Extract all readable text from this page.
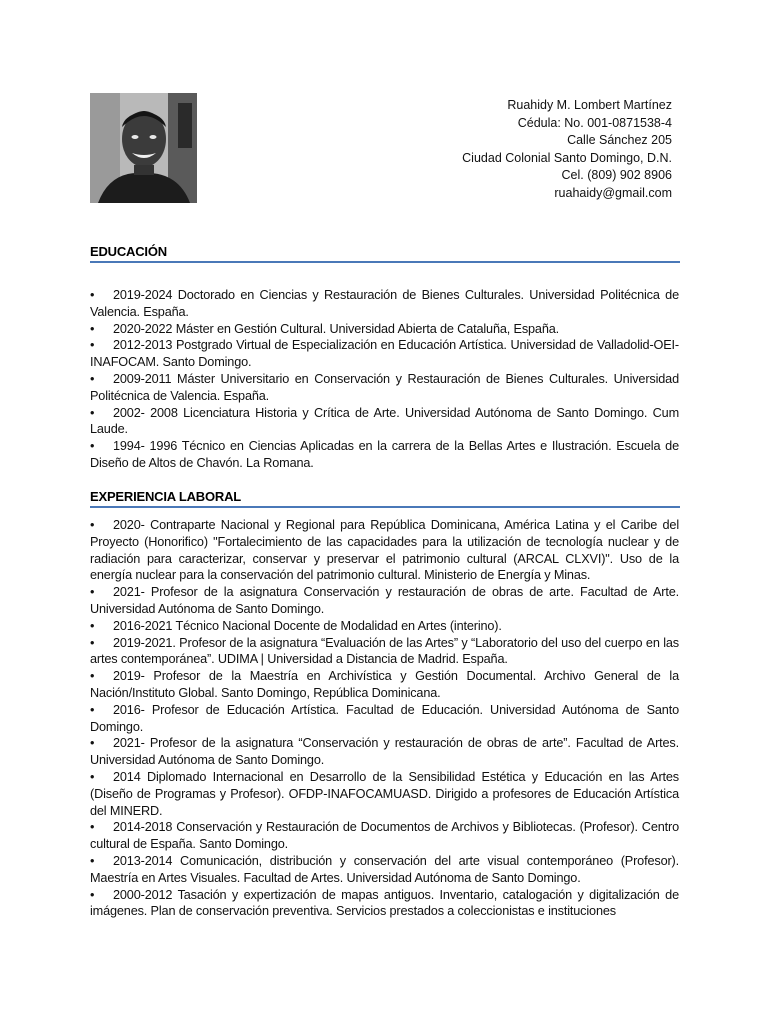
Ruahidy M. Lombert Martínez
Cédula: No. 001-0871538-4
Calle Sánchez 205
Ciudad Colonial Santo Domingo, D.N.
Cel. (809) 902 8906
ruahaidy@gmail.com
EDUCACIÓN

• 2019-2024 Doctorado en Ciencias y Restauración de Bienes Culturales. Universidad Politécnica de Valencia. España.

• 2020-2022 Máster en Gestión Cultural. Universidad Abierta de Cataluña, España.

• 2012-2013 Postgrado Virtual de Especialización en Educación Artística. Universidad de Valladolid-OEI-INAFOCAM. Santo Domingo.

• 2009-2011 Máster Universitario en Conservación y Restauración de Bienes Culturales. Universidad Politécnica de Valencia. España.

• 2002- 2008 Licenciatura Historia y Crítica de Arte. Universidad Autónoma de Santo Domingo. Cum Laude.

• 1994- 1996 Técnico en Ciencias Aplicadas en la carrera de la Bellas Artes e Ilustración. Escuela de Diseño de Altos de Chavón. La Romana.

EXPERIENCIA LABORAL

• 2020- Contraparte Nacional y Regional para República Dominicana, América Latina y el Caribe del Proyecto (Honorifico) "Fortalecimiento de las capacidades para la utilización de tecnología nuclear y de radiación para caracterizar, conservar y preservar el patrimonio cultural (ARCAL CLXVI)". Uso de la energía nuclear para la conservación del patrimonio cultural. Ministerio de Energía y Minas.

• 2021- Profesor de la asignatura Conservación y restauración de obras de arte. Facultad de Arte. Universidad Autónoma de Santo Domingo.

• 2016-2021 Técnico Nacional Docente de Modalidad en Artes (interino).

• 2019-2021. Profesor de la asignatura “Evaluación de las Artes” y “Laboratorio del uso del cuerpo en las artes contemporánea”. UDIMA | Universidad a Distancia de Madrid. España.

• 2019- Profesor de la Maestría en Archivística y Gestión Documental. Archivo General de la Nación/Instituto Global. Santo Domingo, República Dominicana.

• 2016- Profesor de Educación Artística. Facultad de Educación. Universidad Autónoma de Santo Domingo.

• 2021- Profesor de la asignatura “Conservación y restauración de obras de arte”. Facultad de Artes. Universidad Autónoma de Santo Domingo.

• 2014 Diplomado Internacional en Desarrollo de la Sensibilidad Estética y Educación en las Artes (Diseño de Programas y Profesor). OFDP-INAFOCAMUASD. Dirigido a profesores de Educación Artística del MINERD.

• 2014-2018 Conservación y Restauración de Documentos de Archivos y Bibliotecas. (Profesor). Centro cultural de España. Santo Domingo.

• 2013-2014 Comunicación, distribución y conservación del arte visual contemporáneo (Profesor). Maestría en Artes Visuales. Facultad de Artes. Universidad Autónoma de Santo Domingo.

• 2000-2012 Tasación y expertización de mapas antiguos. Inventario, catalogación y digitalización de imágenes. Plan de conservación preventiva. Servicios prestados a coleccionistas e instituciones
